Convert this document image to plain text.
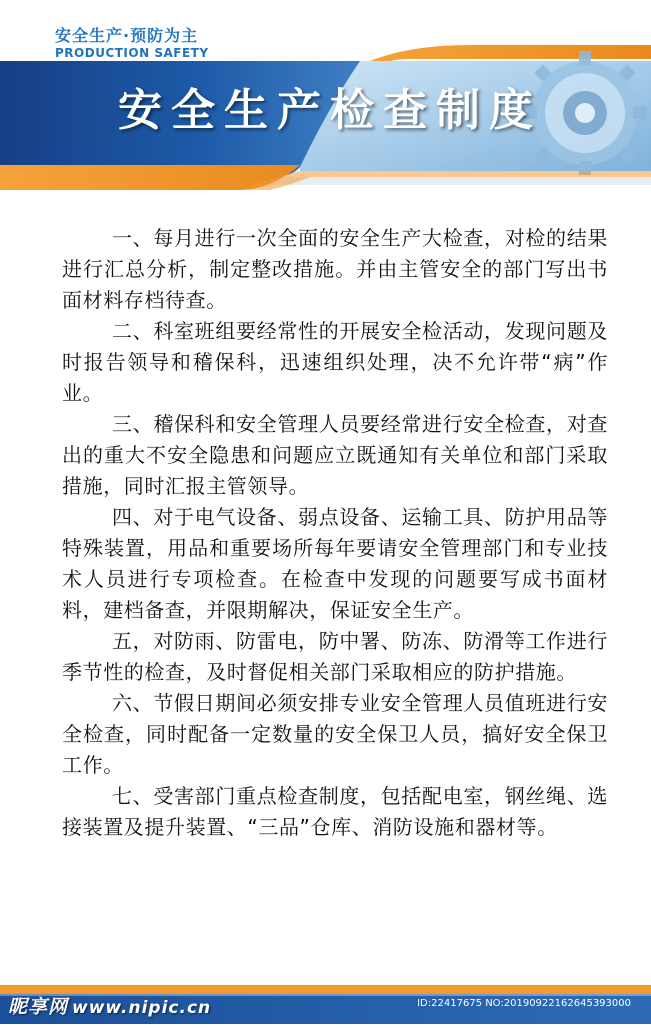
安全生产·预防为主
PRODUCTION SAFETY
安全生产检查制度

一、每月进行一次全面的安全生产大检查，对检的结果进行汇总分析，制定整改措施。并由主管安全的部门写出书面材料存档待查。

二、科室班组要经常性的开展安全检活动，发现问题及时报告领导和稽保科，迅速组织处理，决不允许带“病”作业。

三、稽保科和安全管理人员要经常进行安全检查，对查出的重大不安全隐患和问题应立既通知有关单位和部门采取措施，同时汇报主管领导。

四、对于电气设备、弱点设备、运输工具、防护用品等特殊装置，用品和重要场所每年要请安全管理部门和专业技术人员进行专项检查。在检查中发现的问题要写成书面材料，建档备查，并限期解决，保证安全生产。

五，对防雨、防雷电，防中署、防冻、防滑等工作进行季节性的检查，及时督促相关部门采取相应的防护措施。

六、节假日期间必须安排专业安全管理人员值班进行安全检查，同时配备一定数量的安全保卫人员，搞好安全保卫工作。

七、受害部门重点检查制度，包括配电室，钢丝绳、选接装置及提升装置、“三品”仓库、消防设施和器材等。

昵享网 www.nipic.cn	ID:22417675 NO:20190922162645393000
